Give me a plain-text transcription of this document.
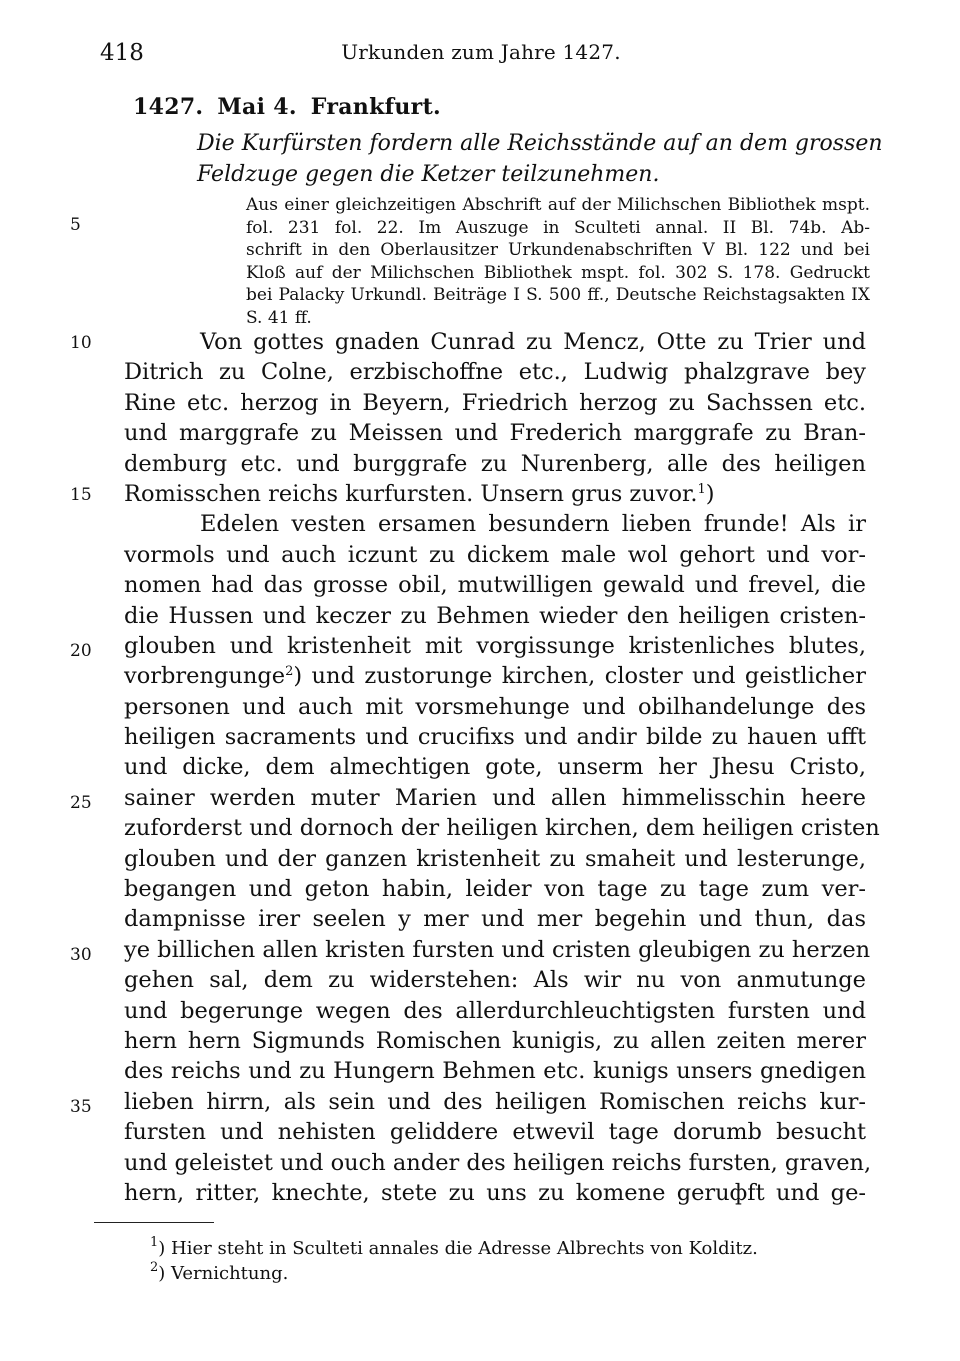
418	Urkunden zum Jahre 1427.
1427. Mai 4. Frankfurt.
Die Kurfürsten fordern alle Reichsstände auf an dem grossen
Feldzuge gegen die Ketzer teilzunehmen.
Aus einer gleichzeitigen Abschrift auf der Milichschen Bibliothek mspt.
fol. 231 fol. 22. Im Auszuge in Sculteti annal. II Bl. 74b. Ab-
schrift in den Oberlausitzer Urkundenabschriften V Bl. 122 und bei
Kloß auf der Milichschen Bibliothek mspt. fol. 302 S. 178. Gedruckt
bei Palacky Urkundl. Beiträge I S. 500 ff., Deutsche Reichstagsakten IX
S. 41 ff.
5
10
15
20
25
30
35
Von gottes gnaden Cunrad zu Mencz, Otte zu Trier und
Ditrich zu Colne, erzbischoffne etc., Ludwig phalzgrave bey
Rine etc. herzog in Beyern, Friedrich herzog zu Sachssen etc.
und marggrafe zu Meissen und Frederich marggrafe zu Bran-
demburg etc. und burggrafe zu Nurenberg, alle des heiligen
Romisschen reichs kurfursten. Unsern grus zuvor.$^1$)
Edelen vesten ersamen besundern lieben frunde! Als ir
vormols und auch iczunt zu dickem male wol gehort und vor-
nomen had das grosse obil, mutwilligen gewald und frevel, die
die Hussen und keczer zu Behmen wieder den heiligen cristen-
glouben und kristenheit mit vorgissunge kristenliches blutes,
vorbrengunge$^2$) und zustorunge kirchen, closter und geistlicher
personen und auch mit vorsmehunge und obilhandelunge des
heiligen sacraments und crucifixs und andir bilde zu hauen ufft
und dicke, dem almechtigen gote, unserm her Jhesu Cristo,
sainer werden muter Marien und allen himmelisschin heere
zuforderst und dornoch der heiligen kirchen, dem heiligen cristen
glouben und der ganzen kristenheit zu smaheit und lesterunge,
begangen und geton habin, leider von tage zu tage zum ver-
dampnisse irer seelen y mer und mer begehin und thun, das
ye billichen allen kristen fursten und cristen gleubigen zu herzen
gehen sal, dem zu widerstehen: Als wir nu von anmutunge
und begerunge wegen des allerdurchleuchtigsten fursten und
hern hern Sigmunds Romischen kunigis, zu allen zeiten merer
des reichs und zu Hungern Behmen etc. kunigs unsers gnedigen
lieben hirrn, als sein und des heiligen Romischen reichs kur-
fursten und nehisten geliddere etwevil tage dorumb besucht
und geleistet und ouch ander des heiligen reichs fursten, graven,
hern, ritter, knechte, stete zu uns zu komene geruфft und ge-
$^1$) Hier steht in Sculteti annales die Adresse Albrechts von Kolditz.
$^2$) Vernichtung.
